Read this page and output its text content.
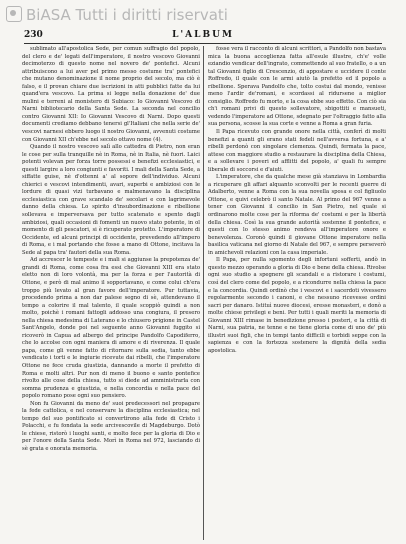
BiASA Tutti i diritti riservati
230	L'ALBUM

sublimato all'apostolica Sede, per comun suffragio del popolo, del clero e de' legati dell'imperatore, il nostro vescovo Giovanni decimoterzo di questo nome nel novero de' pontefici. Alcuni attribuiscono a lui aver pel primo messo costume tra' pontefici che mutano denominazione il nome proprio del secolo, ma ciò è falso, e il provan chiare due iscrizioni in atti pubblici fatte da lui quand'era vescovo. La prima si legge nella donazione de' due mulini e terreni al monistero di Subiaco: Io Giovanni Vescovo di Narni bibliotecario della Santa Sede. La seconda nel concilio contro Giovanni XII: Io Giovanni Vescovo di Narni. Dopo questi documenti crediamo debbano tenersi gl'Italiani che nella serie de' vescovi narnesi ebbero luogo il nostro Giovanni, avvenuti costume con Giovanni XII ch'ebbe nel secolo ottavo nome (4).

Quando il nostro vescovo salì allo cattedra di Pietro, non eran le cose per sulla tranquille nè in Roma, nè in Italia, nè fuori. Laici potenti volevan per forza torre possessi e benefizi ecclesiastici, e questi largire a loro congiunti e favoriti. I mali della Santa Sede, a siffatte guise, nè d'ottenni a' al sopore dell'individuo. Alcuni chierici e vescovi intendimenti, avari, superbi e ambiziosi con le lordure di quasi vizi turbavano e malmenavano la disciplina ecclesiastica con grave scandalo de' secolari e con lagrimevole danno della chiesa. Lo spirito d'insubordinazione e ribellione sollevava e imperversava per tutto scatenato e spento dagli ambiziosi, quali occasioni di fomenti un nuovo stato potente, in ol momento di gli pescatori, si è ricuperato protetto. L'imperatore di Occidente, ed alcuni principi di occidente, prevedendo all'impero di Roma, e i mal portando che fosse a mano di Ottone, incitava la Sede al papa tra' fautori della sua Roma.

Ad accrescer le tempeste e i mali si aggiunse la prepotenza de' grandi di Roma, come cosa fra essi che Giovanni XIII era stato eletto non di loro volontà, ma per la forza e per l'autorità di Ottone, e però di mal animo il sopportavano, e come colui ch'era troppo più levato al gran favore dell'imperatore. Pur tuttavia, procedendo prima a non dar palese segno di sè, attendevano il tempo a colorire il mal talento, il quale scoppiò quindi a non molto, poichè i romani fattogli addosso una congiura, il presero nella chiesa medesima di Laterano e lo chiusero prigione in Castel Sant'Angelo, donde poi nel seguente anno Giovanni fuggito si ricoverò in Capua ad albergo del principe Pandolfo Capodiferro, che lo accolse con ogni maniera di amore e di riverenza. Il quale papa, come gli venne fatto di ritornare sulla sedia, tanto ebbe vendicato i torti e le ingiurie ricevute dai ribelli, che l'imperatore Ottone ne fece cruda giustizia, dannando a morte il prefetto di Roma e molti altri. Pur non di meno il buono e santo pontefice rivolto alle cose della chiesa, tutto si diede ad amministrarla con somma prudenza e giustizia, e nella concordia e nella pace del popolo romano pose ogni suo pensiero.

Non fu Giovanni da meno de' suoi predecessori nel propagare la fede cattolica, e nel conservare la disciplina ecclesiastica; nel tempo del suo pontificato si convertirono alla fede di Cristo i Polacchi, e fu fondata la sede arcivescovile di Magdeburgo. Dotò le chiese, ristorò i luoghi santi, e molto fece per la gloria di Dio e per l'onore della Santa Sede. Morì in Roma nel 972, lasciando di sè grata e onorata memoria.

fosse vera il racconto di alcuni scrittori, a Pandolfo non bastava mica la buona accoglienza fatta all'esule illustre, ch'e' volle eziandio vendicar dell'ingrato, commettendo al suo fratello, o a un tal Giovanni figlio di Crescenzio, di appostare e uccidere il conte Roffredo, il quale con le armi aiutò la prefetto ed il popolo a ribellione. Sperava Pandolfo che, tolto costui dal mondo, venisse meno l'ardir de'romani, e scordassi al ridursene a miglior consiglio. Roffredo fu morto, e la cosa ebbe suo effetto. Con ciò sia ch'i romani privi di questo sollevatore, sbigottiti e mansueti, vedendo l'imperatore ad Ottone, sdegnato per l'oltraggio fatto alla sua persona, scosse la sua corte e venne a Roma a gran furia.

Il Papa ricevuto con grande onore nella città, conferì di molti benefizi a quanti gli erano stati fedeli nell'avversa fortuna, e a' ribelli perdonò con singolare clemenza. Quindi, fermata la pace, attese con maggiore studio a restaurare la disciplina della Chiesa, e a sollevare i poveri ed afflitti del popolo, a' quali fu sempre liberale di soccorsi e d'aiuti.

L'imperatore, che da qualche mese già stanziava in Lombardia a ricuperare gli affari alquanto sconvolti per le recenti guerre di Adalberto, venne a Roma con la sua novella sposa e col figliuolo Ottone, e quivi celebrò il santo Natale. Al primo del 967 venne a tener con Giovanni il concilio in San Pietro, nel quale si ordinarono molte cose per la riforma de' costumi e per la libertà della chiesa. Così la sua grande autorità sostenne il pontefice, e questi con lo stesso animo rendeva all'imperatore onore e benevolenza. Coronò quindi il giovane Ottone imperatore nella basilica vaticana nel giorno di Natale del 967, e sempre perseverò in amichevoli relazioni con la casa imperiale.

Il Papa, per nulla sgomento degli infortuni sofferti, andò in questo mezzo operando a gloria di Dio e bene della chiesa. Rivolse ogni suo studio a spegnere gli scandali e a ristorare i costumi, così del clero come del popolo, e a ricondurre nella chiesa la pace e la concordia. Quindi ordinò che i vescovi e i sacerdoti vivessero regolarmente secondo i canoni, e che nessuno ricevesse ordini sacri per danaro. Istituì nuove diocesi, eresse monasteri, e donò a molte chiese privilegi e beni. Per tutti i quali meriti la memoria di Giovanni XIII rimase in benedizione presso i posteri, e la città di Narni, sua patria, ne tenne e ne tiene gloria come di uno de' più illustri suoi figli, che in tempi tanto difficili e torbidi seppe con la sapienza e con la fortezza sostenere la dignità della sedia apostolica.
